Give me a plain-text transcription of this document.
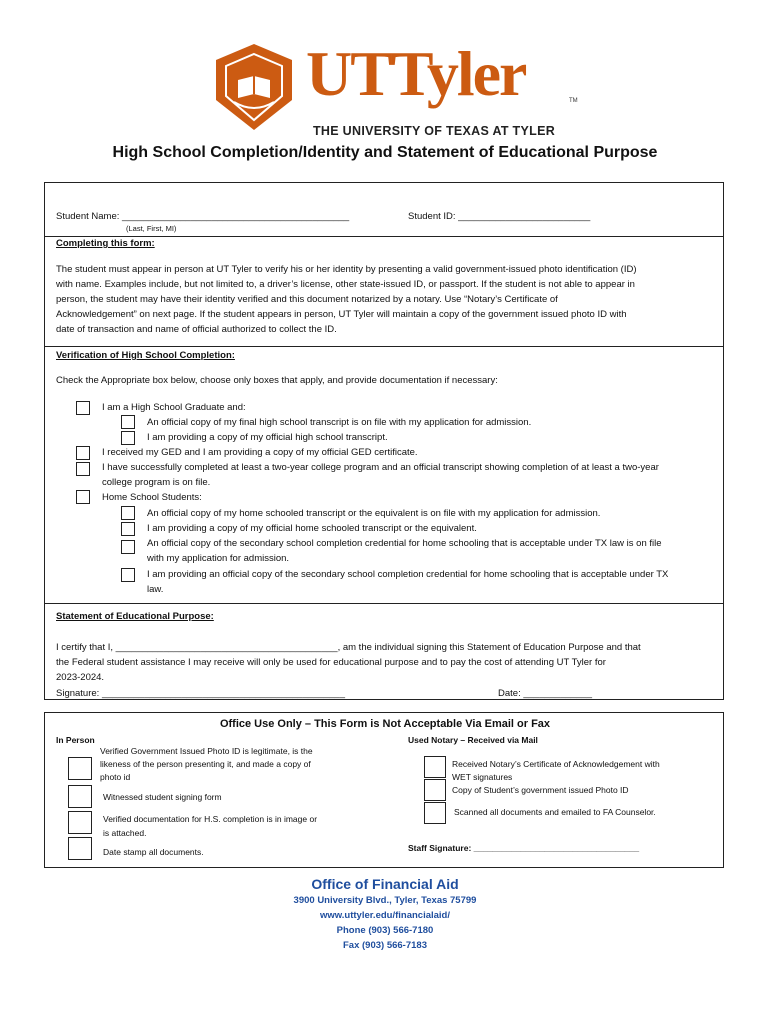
UTTyler	TM
THE UNIVERSITY OF TEXAS AT TYLER
High School Completion/Identity and Statement of Educational Purpose
Student Name: ___________________________________________
(Last, First, MI)
Student ID: _________________________
Completing this form:
The student must appear in person at UT Tyler to verify his or her identity by presenting a valid government-issued photo identification (ID)
with name. Examples include, but not limited to, a driver’s license, other state-issued ID, or passport. If the student is not able to appear in
person, the student may have their identity verified and this document notarized by a notary. Use “Notary’s Certificate of
Acknowledgement” on next page. If the student appears in person, UT Tyler will maintain a copy of the government issued photo ID with
date of transaction and name of official authorized to collect the ID.
Verification of High School Completion:
Check the Appropriate box below, choose only boxes that apply, and provide documentation if necessary:
I am a High School Graduate and:
An official copy of my final high school transcript is on file with my application for admission.
I am providing a copy of my official high school transcript.
I received my GED and I am providing a copy of my official GED certificate.
I have successfully completed at least a two-year college program and an official transcript showing completion of at least a two-year
college program is on file.
Home School Students:
An official copy of my home schooled transcript or the equivalent is on file with my application for admission.
I am providing a copy of my official home schooled transcript or the equivalent.
An official copy of the secondary school completion credential for home schooling that is acceptable under TX law is on file
with my application for admission.
I am providing an official copy of the secondary school completion credential for home schooling that is acceptable under TX
law.
Statement of Educational Purpose:
I certify that I, __________________________________________, am the individual signing this Statement of Education Purpose and that
the Federal student assistance I may receive will only be used for educational purpose and to pay the cost of attending UT Tyler for
2023-2024.
Signature: ______________________________________________	Date: _____________
Office Use Only – This Form is Not Acceptable Via Email or Fax
In Person	Used Notary – Received via Mail
Verified Government Issued Photo ID is legitimate, is the
likeness of the person presenting it, and made a copy of
photo id
Witnessed student signing form
Verified documentation for H.S. completion is in image or
is attached.
Date stamp all documents.
Received Notary’s Certificate of Acknowledgement with
WET signatures
Copy of Student’s government issued Photo ID
Scanned all documents and emailed to FA Counselor.
Staff Signature: ___________________________________
Office of Financial Aid
3900 University Blvd., Tyler, Texas 75799
www.uttyler.edu/financialaid/
Phone (903) 566-7180
Fax (903) 566-7183
